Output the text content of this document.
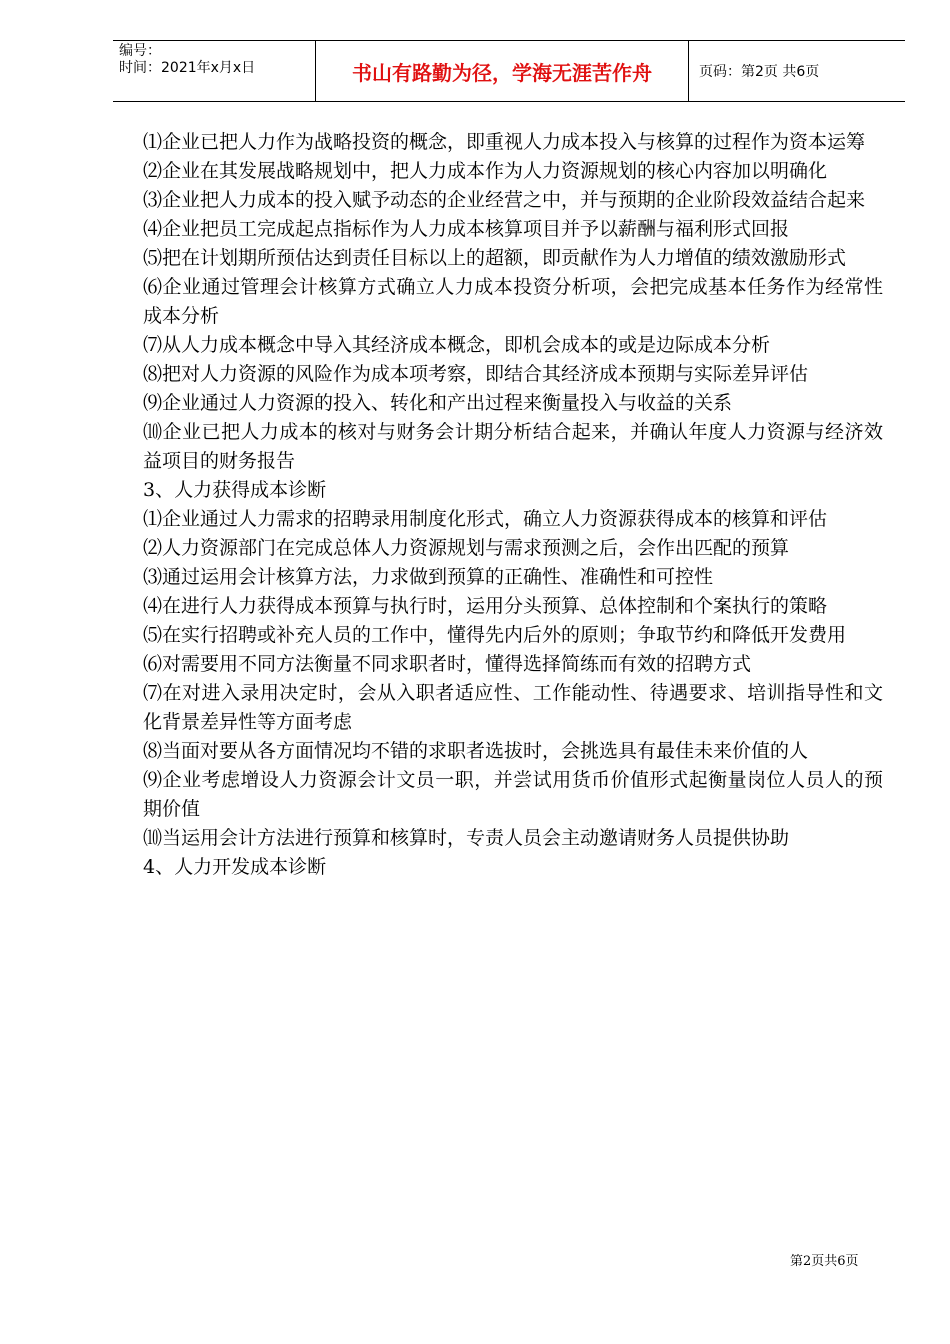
编号：
时间：2021年x月x日	书山有路勤为径，学海无涯苦作舟	页码：第2页 共6页

⑴企业已把人力作为战略投资的概念，即重视人力成本投入与核算的过程作为资本运筹

⑵企业在其发展战略规划中，把人力成本作为人力资源规划的核心内容加以明确化

⑶企业把人力成本的投入赋予动态的企业经营之中，并与预期的企业阶段效益结合起来

⑷企业把员工完成起点指标作为人力成本核算项目并予以薪酬与福利形式回报

⑸把在计划期所预估达到责任目标以上的超额，即贡献作为人力增值的绩效激励形式

⑹企业通过管理会计核算方式确立人力成本投资分析项，会把完成基本任务作为经常性成本分析

⑺从人力成本概念中导入其经济成本概念，即机会成本的或是边际成本分析

⑻把对人力资源的风险作为成本项考察，即结合其经济成本预期与实际差异评估

⑼企业通过人力资源的投入、转化和产出过程来衡量投入与收益的关系

⑽企业已把人力成本的核对与财务会计期分析结合起来，并确认年度人力资源与经济效益项目的财务报告

3、人力获得成本诊断

⑴企业通过人力需求的招聘录用制度化形式，确立人力资源获得成本的核算和评估

⑵人力资源部门在完成总体人力资源规划与需求预测之后，会作出匹配的预算

⑶通过运用会计核算方法，力求做到预算的正确性、准确性和可控性

⑷在进行人力获得成本预算与执行时，运用分头预算、总体控制和个案执行的策略

⑸在实行招聘或补充人员的工作中，懂得先内后外的原则；争取节约和降低开发费用

⑹对需要用不同方法衡量不同求职者时，懂得选择简练而有效的招聘方式

⑺在对进入录用决定时，会从入职者适应性、工作能动性、待遇要求、培训指导性和文化背景差异性等方面考虑

⑻当面对要从各方面情况均不错的求职者选拔时，会挑选具有最佳未来价值的人

⑼企业考虑增设人力资源会计文员一职，并尝试用货币价值形式起衡量岗位人员人的预期价值

⑽当运用会计方法进行预算和核算时，专责人员会主动邀请财务人员提供协助

4、人力开发成本诊断

第2页共6页
